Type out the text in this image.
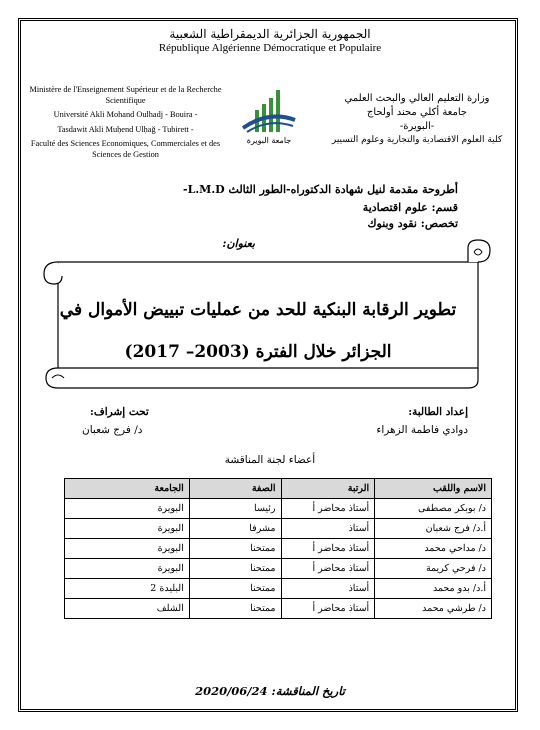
الجمهورية الجزائرية الديمقراطية الشعبية
République Algérienne Démocratique et Populaire
Ministère de l'Enseignement Supérieur et de la Recherche Scientifique
Université Akli Mohand Oulhadj - Bouira -
Tasdawit Akli Muḥend Ulḥağ - Tubirett -
Faculté des Sciences Economiques, Commerciales et des Sciences de Gestion
وزارة التعليم العالي والبحث العلمي
جامعة أكلي محند أولحاج
-البويرة-
كلية العلوم الاقتصادية والتجارية وعلوم التسيير
جامعة البويرة
أطروحة مقدمة لنيل شهادة الدكتوراه-الطور الثالث L.M.D-
قسم: علوم اقتصادية
تخصص: نقود وبنوك
بعنوان:
تطوير الرقابة البنكية للحد من عمليات تبييض الأموال في
الجزائر خلال الفترة (2003– 2017)
إعداد الطالبة:
دوادي فاطمة الزهراء
تحت إشراف:
د/ فرج شعبان
أعضاء لجنة المناقشة
الاسم واللقب	الرتبة	الصفة	الجامعة
د/ بوبكر مصطفى	أستاذ محاضر أ	رئيسا	البويرة
أ.د/ فرج شعبان	أستاذ	مشرفا	البويرة
د/ مداحي محمد	أستاذ محاضر أ	ممتحنا	البويرة
د/ فرحي كريمة	أستاذ محاضر أ	ممتحنا	البويرة
أ.د/ بدو محمد	أستاذ	ممتحنا	البليدة 2
د/ طرشي محمد	أستاذ محاضر أ	ممتحنا	الشلف
تاريخ المناقشة: 2020/06/24
